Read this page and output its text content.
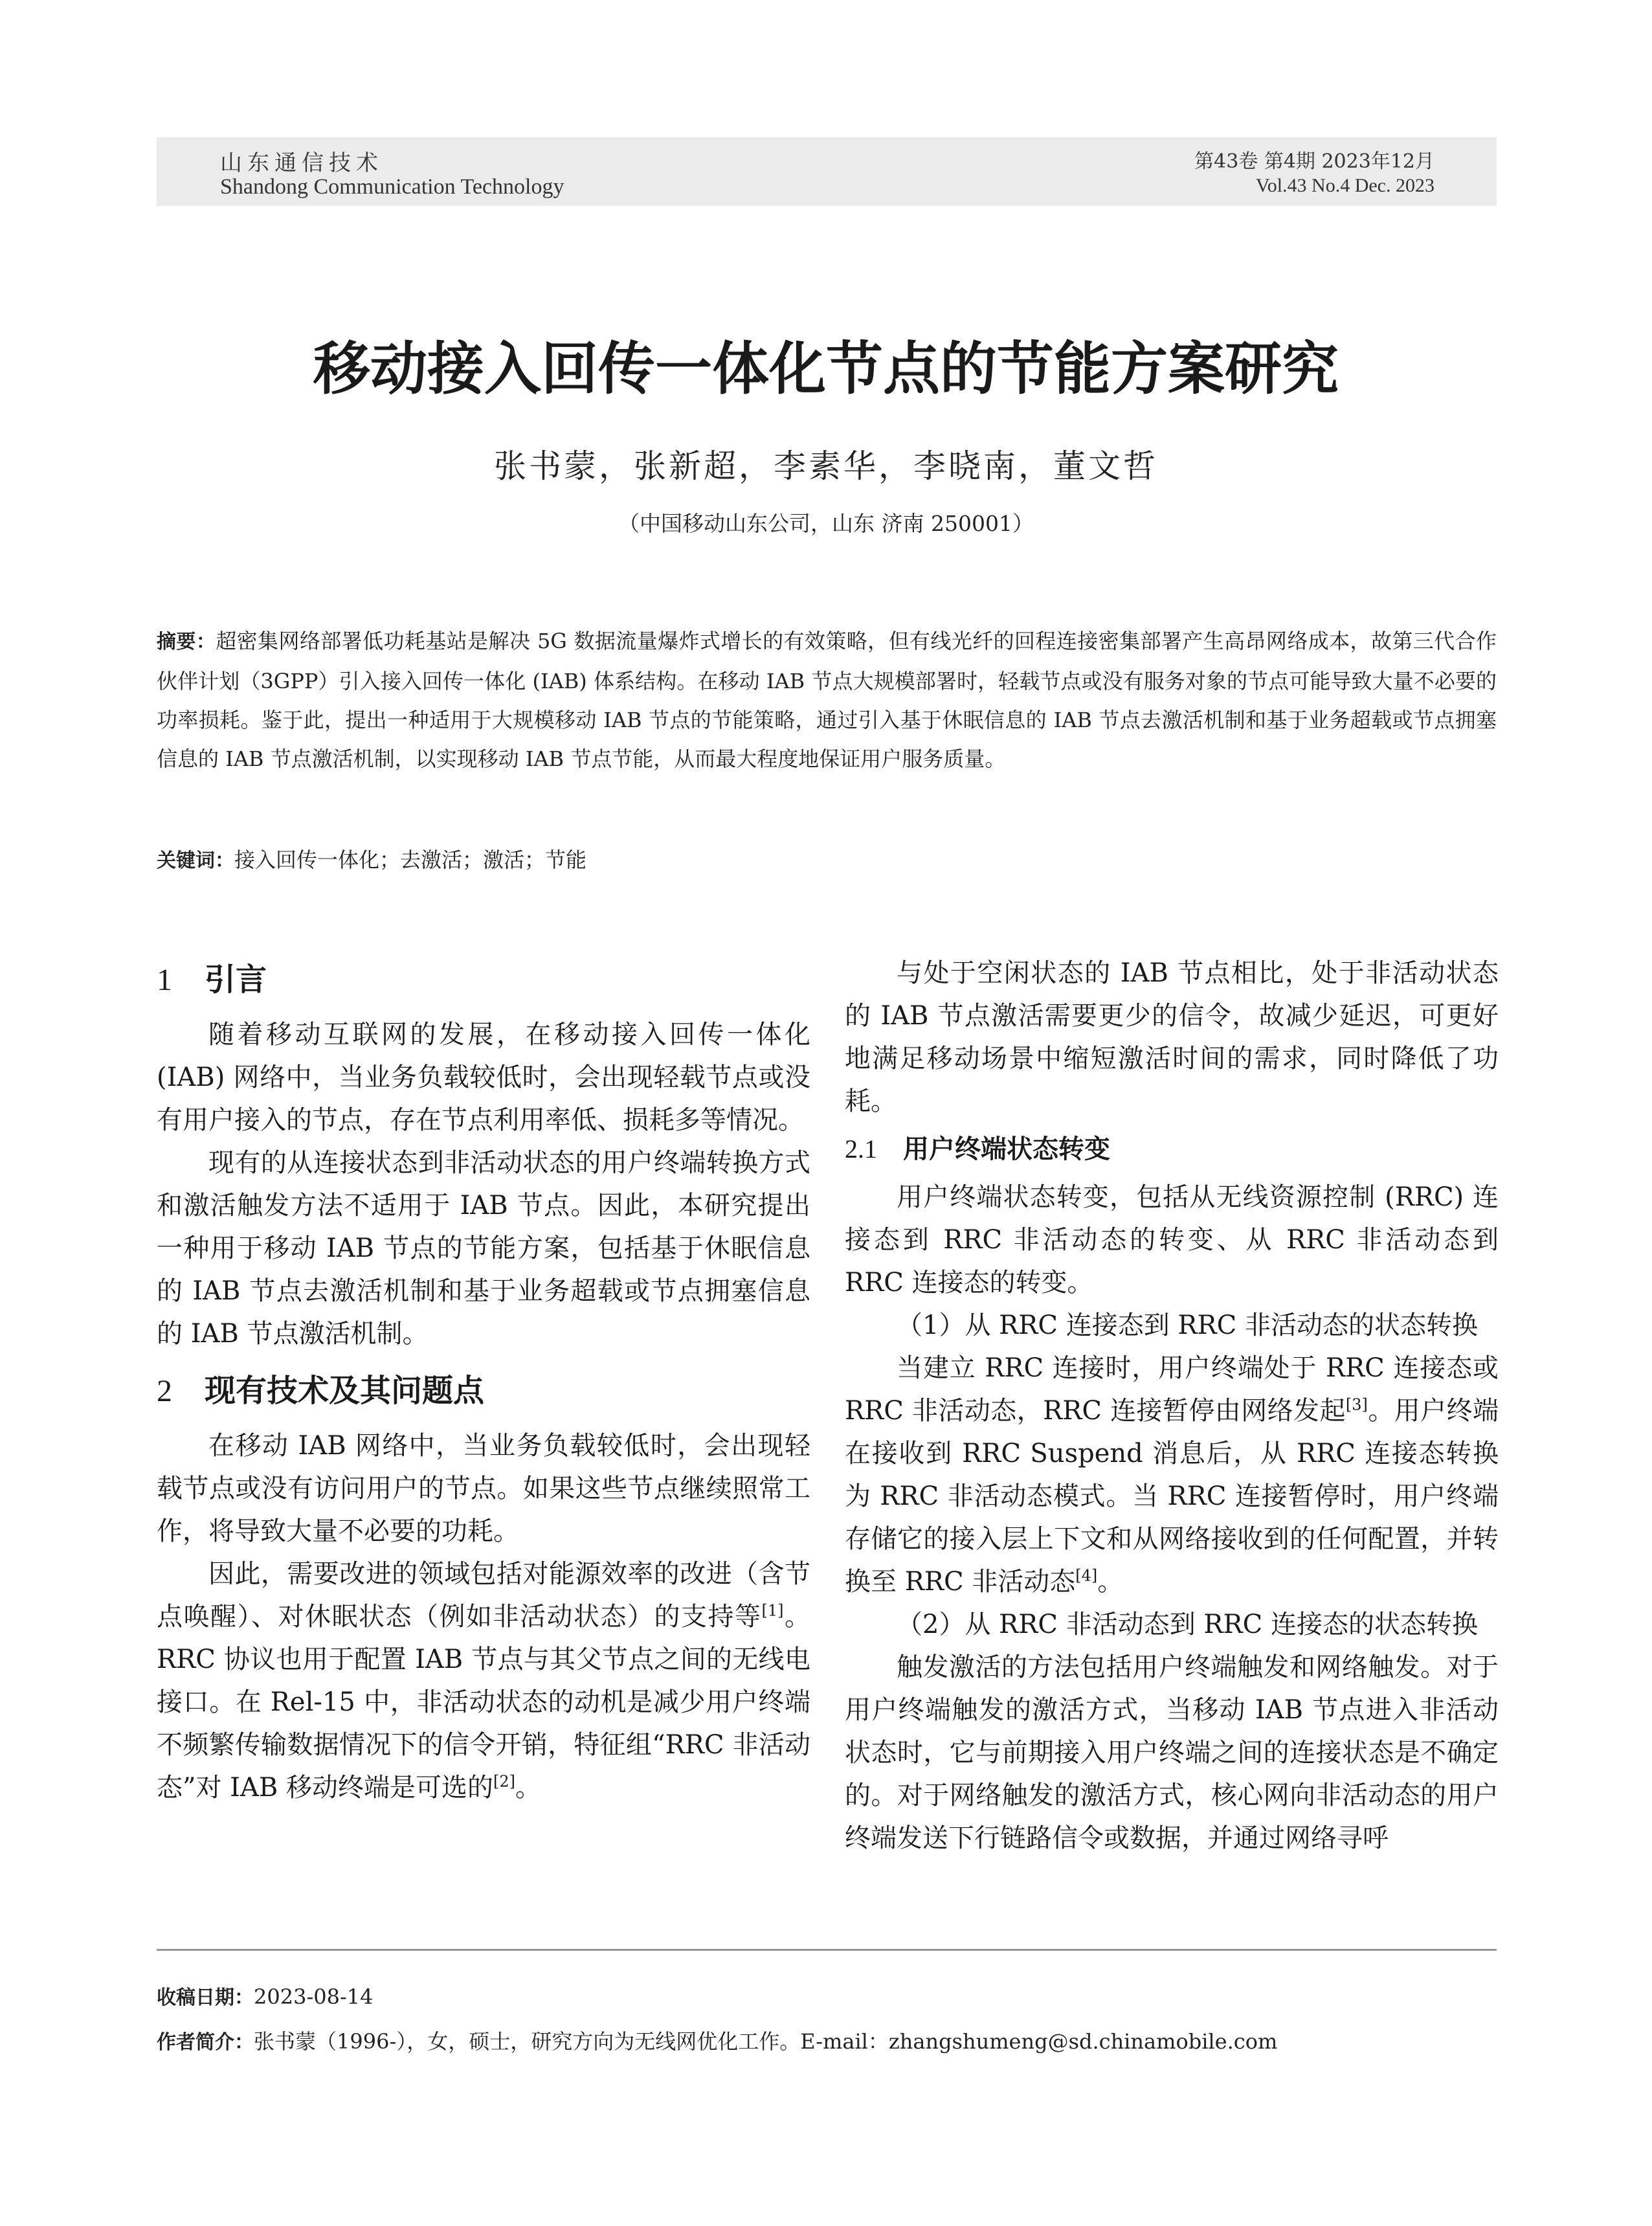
山东通信技术
Shandong Communication Technology
第43卷 第4期 2023年12月
Vol.43 No.4 Dec. 2023
移动接入回传一体化节点的节能方案研究
张书蒙，张新超，李素华，李晓南，董文哲
（中国移动山东公司，山东 济南 250001）
摘要：超密集网络部署低功耗基站是解决 5G 数据流量爆炸式增长的有效策略，但有线光纤的回程连接密集部署产生高昂网络成本，故第三代合作伙伴计划（3GPP）引入接入回传一体化 (IAB) 体系结构。在移动 IAB 节点大规模部署时，轻载节点或没有服务对象的节点可能导致大量不必要的功率损耗。鉴于此，提出一种适用于大规模移动 IAB 节点的节能策略，通过引入基于休眠信息的 IAB 节点去激活机制和基于业务超载或节点拥塞信息的 IAB 节点激活机制，以实现移动 IAB 节点节能，从而最大程度地保证用户服务质量。
关键词：接入回传一体化；去激活；激活；节能
1 引言

随着移动互联网的发展，在移动接入回传一体化 (IAB) 网络中，当业务负载较低时，会出现轻载节点或没有用户接入的节点，存在节点利用率低、损耗多等情况。

现有的从连接状态到非活动状态的用户终端转换方式和激活触发方法不适用于 IAB 节点。因此，本研究提出一种用于移动 IAB 节点的节能方案，包括基于休眠信息的 IAB 节点去激活机制和基于业务超载或节点拥塞信息的 IAB 节点激活机制。

2 现有技术及其问题点

在移动 IAB 网络中，当业务负载较低时，会出现轻载节点或没有访问用户的节点。如果这些节点继续照常工作，将导致大量不必要的功耗。

因此，需要改进的领域包括对能源效率的改进（含节点唤醒）、对休眠状态（例如非活动状态）的支持等[1]。RRC 协议也用于配置 IAB 节点与其父节点之间的无线电接口。在 Rel-15 中，非活动状态的动机是减少用户终端不频繁传输数据情况下的信令开销，特征组“RRC 非活动态”对 IAB 移动终端是可选的[2]。

与处于空闲状态的 IAB 节点相比，处于非活动状态的 IAB 节点激活需要更少的信令，故减少延迟，可更好地满足移动场景中缩短激活时间的需求，同时降低了功耗。

2.1 用户终端状态转变

用户终端状态转变，包括从无线资源控制 (RRC) 连接态到 RRC 非活动态的转变、从 RRC 非活动态到 RRC 连接态的转变。

（1）从 RRC 连接态到 RRC 非活动态的状态转换

当建立 RRC 连接时，用户终端处于 RRC 连接态或 RRC 非活动态，RRC 连接暂停由网络发起[3]。用户终端在接收到 RRC Suspend 消息后，从 RRC 连接态转换为 RRC 非活动态模式。当 RRC 连接暂停时，用户终端存储它的接入层上下文和从网络接收到的任何配置，并转换至 RRC 非活动态[4]。

（2）从 RRC 非活动态到 RRC 连接态的状态转换

触发激活的方法包括用户终端触发和网络触发。对于用户终端触发的激活方式，当移动 IAB 节点进入非活动状态时，它与前期接入用户终端之间的连接状态是不确定的。对于网络触发的激活方式，核心网向非活动态的用户终端发送下行链路信令或数据，并通过网络寻呼

收稿日期：2023-08-14
作者简介：张书蒙（1996-），女，硕士，研究方向为无线网优化工作。E-mail：zhangshumeng@sd.chinamobile.com
